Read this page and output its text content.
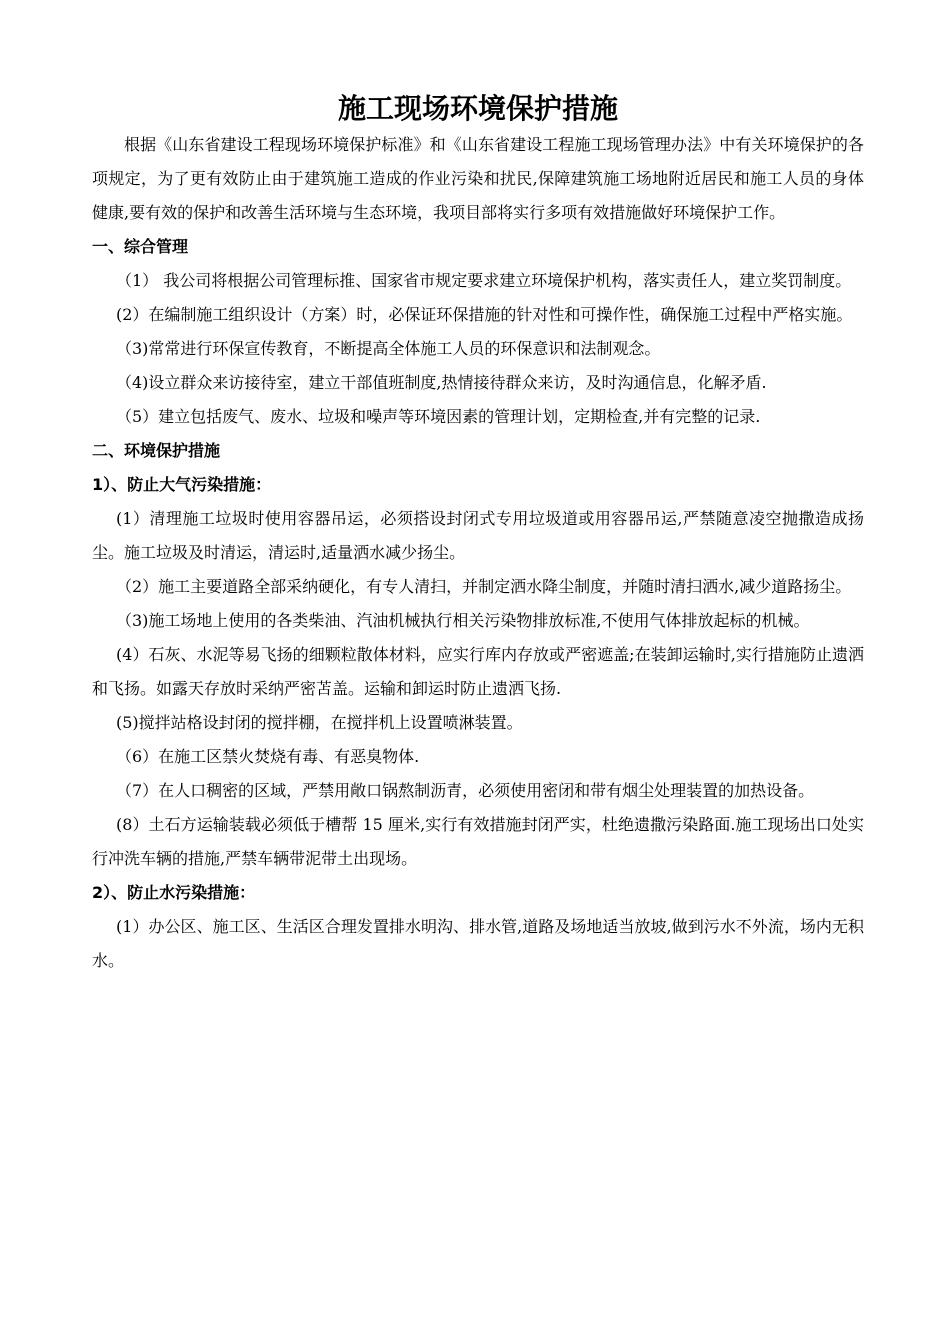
施工现场环境保护措施

根据《山东省建设工程现场环境保护标准》和《山东省建设工程施工现场管理办法》中有关环境保护的各项规定，为了更有效防止由于建筑施工造成的作业污染和扰民,保障建筑施工场地附近居民和施工人员的身体健康,要有效的保护和改善生活环境与生态环境，我项目部将实行多项有效措施做好环境保护工作。

一、综合管理

（1） 我公司将根据公司管理标推、国家省市规定要求建立环境保护机构，落实责任人，建立奖罚制度。

(2）在编制施工组织设计（方案）时，必保证环保措施的针对性和可操作性，确保施工过程中严格实施。

（3)常常进行环保宣传教育，不断提高全体施工人员的环保意识和法制观念。

（4)设立群众来访接待室，建立干部值班制度,热情接待群众来访，及时沟通信息，化解矛盾.

（5）建立包括废气、废水、垃圾和噪声等环境因素的管理计划，定期检查,并有完整的记录.

二、环境保护措施

1）、防止大气污染措施：

(1）清理施工垃圾时使用容器吊运，必须搭设封闭式专用垃圾道或用容器吊运,严禁随意凌空抛撒造成扬尘。施工垃圾及时清运，清运时,适量洒水减少扬尘。

（2）施工主要道路全部采纳硬化，有专人清扫，并制定洒水降尘制度，并随时清扫洒水,减少道路扬尘。

（3)施工场地上使用的各类柴油、汽油机械执行相关污染物排放标准,不使用气体排放起标的机械。

(4）石灰、水泥等易飞扬的细颗粒散体材料，应实行库内存放或严密遮盖;在装卸运输时,实行措施防止遗洒和飞扬。如露天存放时采纳严密苫盖。运输和卸运时防止遗洒飞扬.

(5)搅拌站格设封闭的搅拌棚，在搅拌机上设置喷淋装置。

（6）在施工区禁火焚烧有毒、有恶臭物体.

（7）在人口稠密的区域，严禁用敞口锅熬制沥青，必须使用密闭和带有烟尘处理装置的加热设备。

(8）土石方运输装载必须低于槽帮 15 厘米,实行有效措施封闭严实，杜绝遗撒污染路面.施工现场出口处实行冲洗车辆的措施,严禁车辆带泥带土出现场。

2）、防止水污染措施：

(1）办公区、施工区、生活区合理发置排水明沟、排水管,道路及场地适当放坡,做到污水不外流，场内无积水。
